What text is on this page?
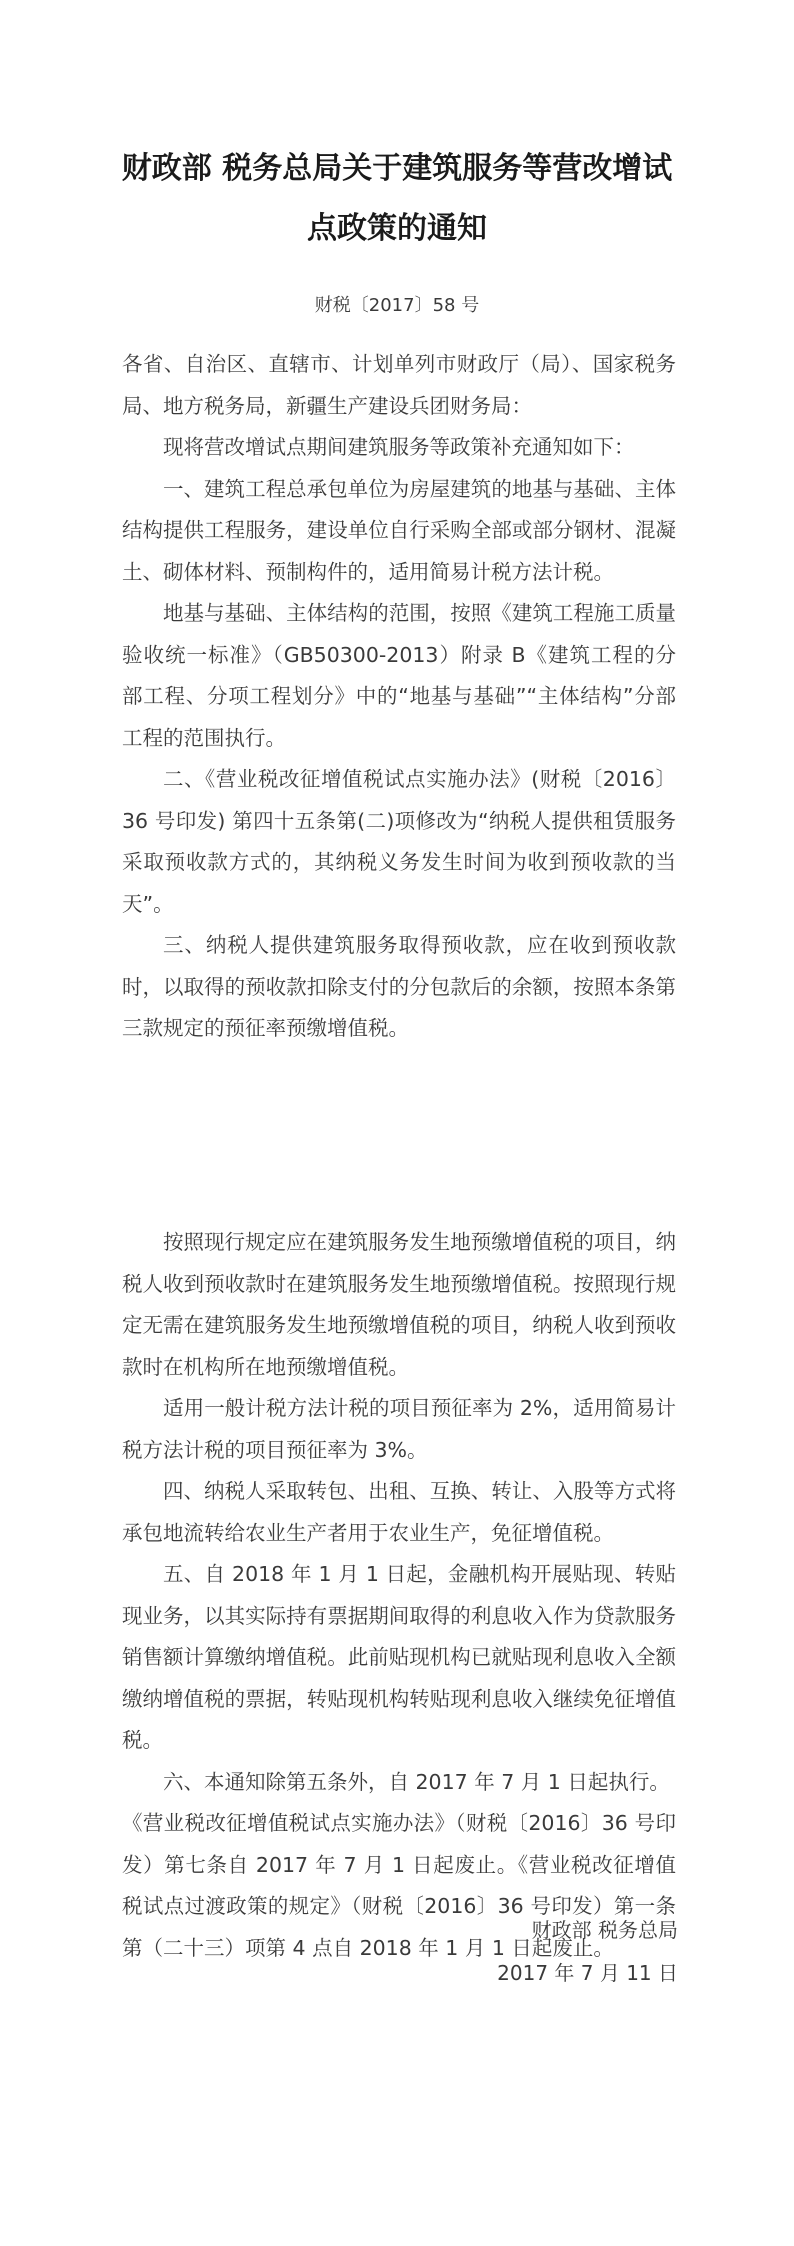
财政部 税务总局关于建筑服务等营改增试
点政策的通知
财税〔2017〕58 号

各省、自治区、直辖市、计划单列市财政厅（局）、国家税务局、地方税务局，新疆生产建设兵团财务局：

现将营改增试点期间建筑服务等政策补充通知如下：

一、建筑工程总承包单位为房屋建筑的地基与基础、主体结构提供工程服务，建设单位自行采购全部或部分钢材、混凝土、砌体材料、预制构件的，适用简易计税方法计税。

地基与基础、主体结构的范围，按照《建筑工程施工质量验收统一标准》（GB50300-2013）附录 B《建筑工程的分部工程、分项工程划分》中的“地基与基础”“主体结构”分部工程的范围执行。

二、《营业税改征增值税试点实施办法》(财税〔2016〕36 号印发) 第四十五条第(二)项修改为“纳税人提供租赁服务采取预收款方式的，其纳税义务发生时间为收到预收款的当天”。

三、纳税人提供建筑服务取得预收款，应在收到预收款时，以取得的预收款扣除支付的分包款后的余额，按照本条第三款规定的预征率预缴增值税。

按照现行规定应在建筑服务发生地预缴增值税的项目，纳税人收到预收款时在建筑服务发生地预缴增值税。按照现行规定无需在建筑服务发生地预缴增值税的项目，纳税人收到预收款时在机构所在地预缴增值税。

适用一般计税方法计税的项目预征率为 2%，适用简易计税方法计税的项目预征率为 3%。

四、纳税人采取转包、出租、互换、转让、入股等方式将承包地流转给农业生产者用于农业生产，免征增值税。

五、自 2018 年 1 月 1 日起，金融机构开展贴现、转贴现业务，以其实际持有票据期间取得的利息收入作为贷款服务销售额计算缴纳增值税。此前贴现机构已就贴现利息收入全额缴纳增值税的票据，转贴现机构转贴现利息收入继续免征增值税。

六、本通知除第五条外，自 2017 年 7 月 1 日起执行。

《营业税改征增值税试点实施办法》（财税〔2016〕36 号印发）第七条自 2017 年 7 月 1 日起废止。《营业税改征增值税试点过渡政策的规定》（财税〔2016〕36 号印发）第一条第（二十三）项第 4 点自 2018 年 1 月 1 日起废止。

财政部 税务总局
2017 年 7 月 11 日
